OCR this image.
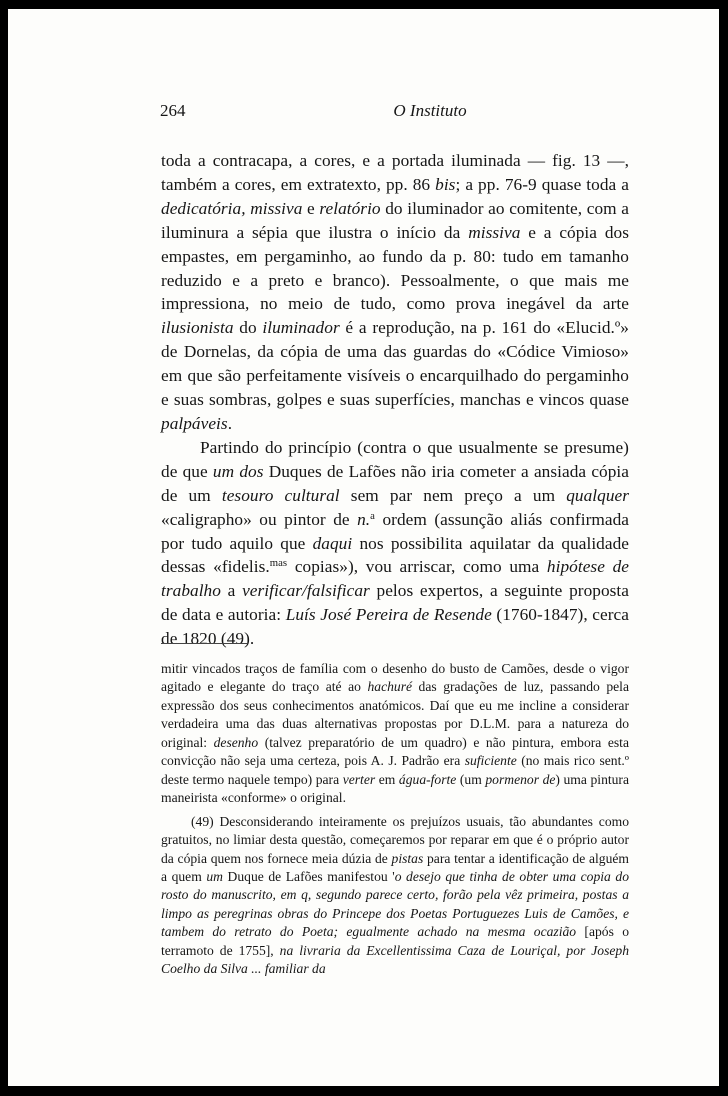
264	O Instituto

toda a contracapa, a cores, e a portada iluminada — fig. 13 —, também a cores, em extratexto, pp. 86 bis; a pp. 76-9 quase toda a dedicatória, missiva e relatório do iluminador ao comitente, com a iluminura a sépia que ilustra o início da missiva e a cópia dos empastes, em pergaminho, ao fundo da p. 80: tudo em tamanho reduzido e a preto e branco). Pessoalmente, o que mais me impressiona, no meio de tudo, como prova inegável da arte ilusionista do iluminador é a reprodução, na p. 161 do «Elucid.º» de Dornelas, da cópia de uma das guardas do «Códice Vimioso» em que são perfeitamente visíveis o encarquilhado do pergaminho e suas sombras, golpes e suas superfícies, manchas e vincos quase palpáveis.

Partindo do princípio (contra o que usualmente se presume) de que um dos Duques de Lafões não iria cometer a ansiada cópia de um tesouro cultural sem par nem preço a um qualquer «caligrapho» ou pintor de n.$^a$ ordem (assunção aliás confirmada por tudo aquilo que daqui nos possibilita aquilatar da qualidade dessas «fidelis.$^{mas}$ copias»), vou arriscar, como uma hipótese de trabalho a verificar/falsificar pelos expertos, a seguinte proposta de data e autoria: Luís José Pereira de Resende (1760-1847), cerca de 1820 (49).

mitir vincados traços de família com o desenho do busto de Camões, desde o vigor agitado e elegante do traço até ao hachuré das gradações de luz, passando pela expressão dos seus conhecimentos anatómicos. Daí que eu me incline a considerar verdadeira uma das duas alternativas propostas por D.L.M. para a natureza do original: desenho (talvez preparatório de um quadro) e não pintura, embora esta convicção não seja uma certeza, pois A. J. Padrão era suficiente (no mais rico sent.º deste termo naquele tempo) para verter em água-forte (um pormenor de) uma pintura maneirista «conforme» o original.

(49) Desconsiderando inteiramente os prejuízos usuais, tão abundantes como gratuitos, no limiar desta questão, começaremos por reparar em que é o próprio autor da cópia quem nos fornece meia dúzia de pistas para tentar a identificação de alguém a quem um Duque de Lafões manifestou 'o desejo que tinha de obter uma copia do rosto do manuscrito, em q, segundo parece certo, forão pela vêz primeira, postas a limpo as peregrinas obras do Princepe dos Poetas Portuguezes Luis de Camões, e tambem do retrato do Poeta; egualmente achado na mesma ocazião [após o terramoto de 1755], na livraria da Excellentissima Caza de Louriçal, por Joseph Coelho da Silva ... familiar da
